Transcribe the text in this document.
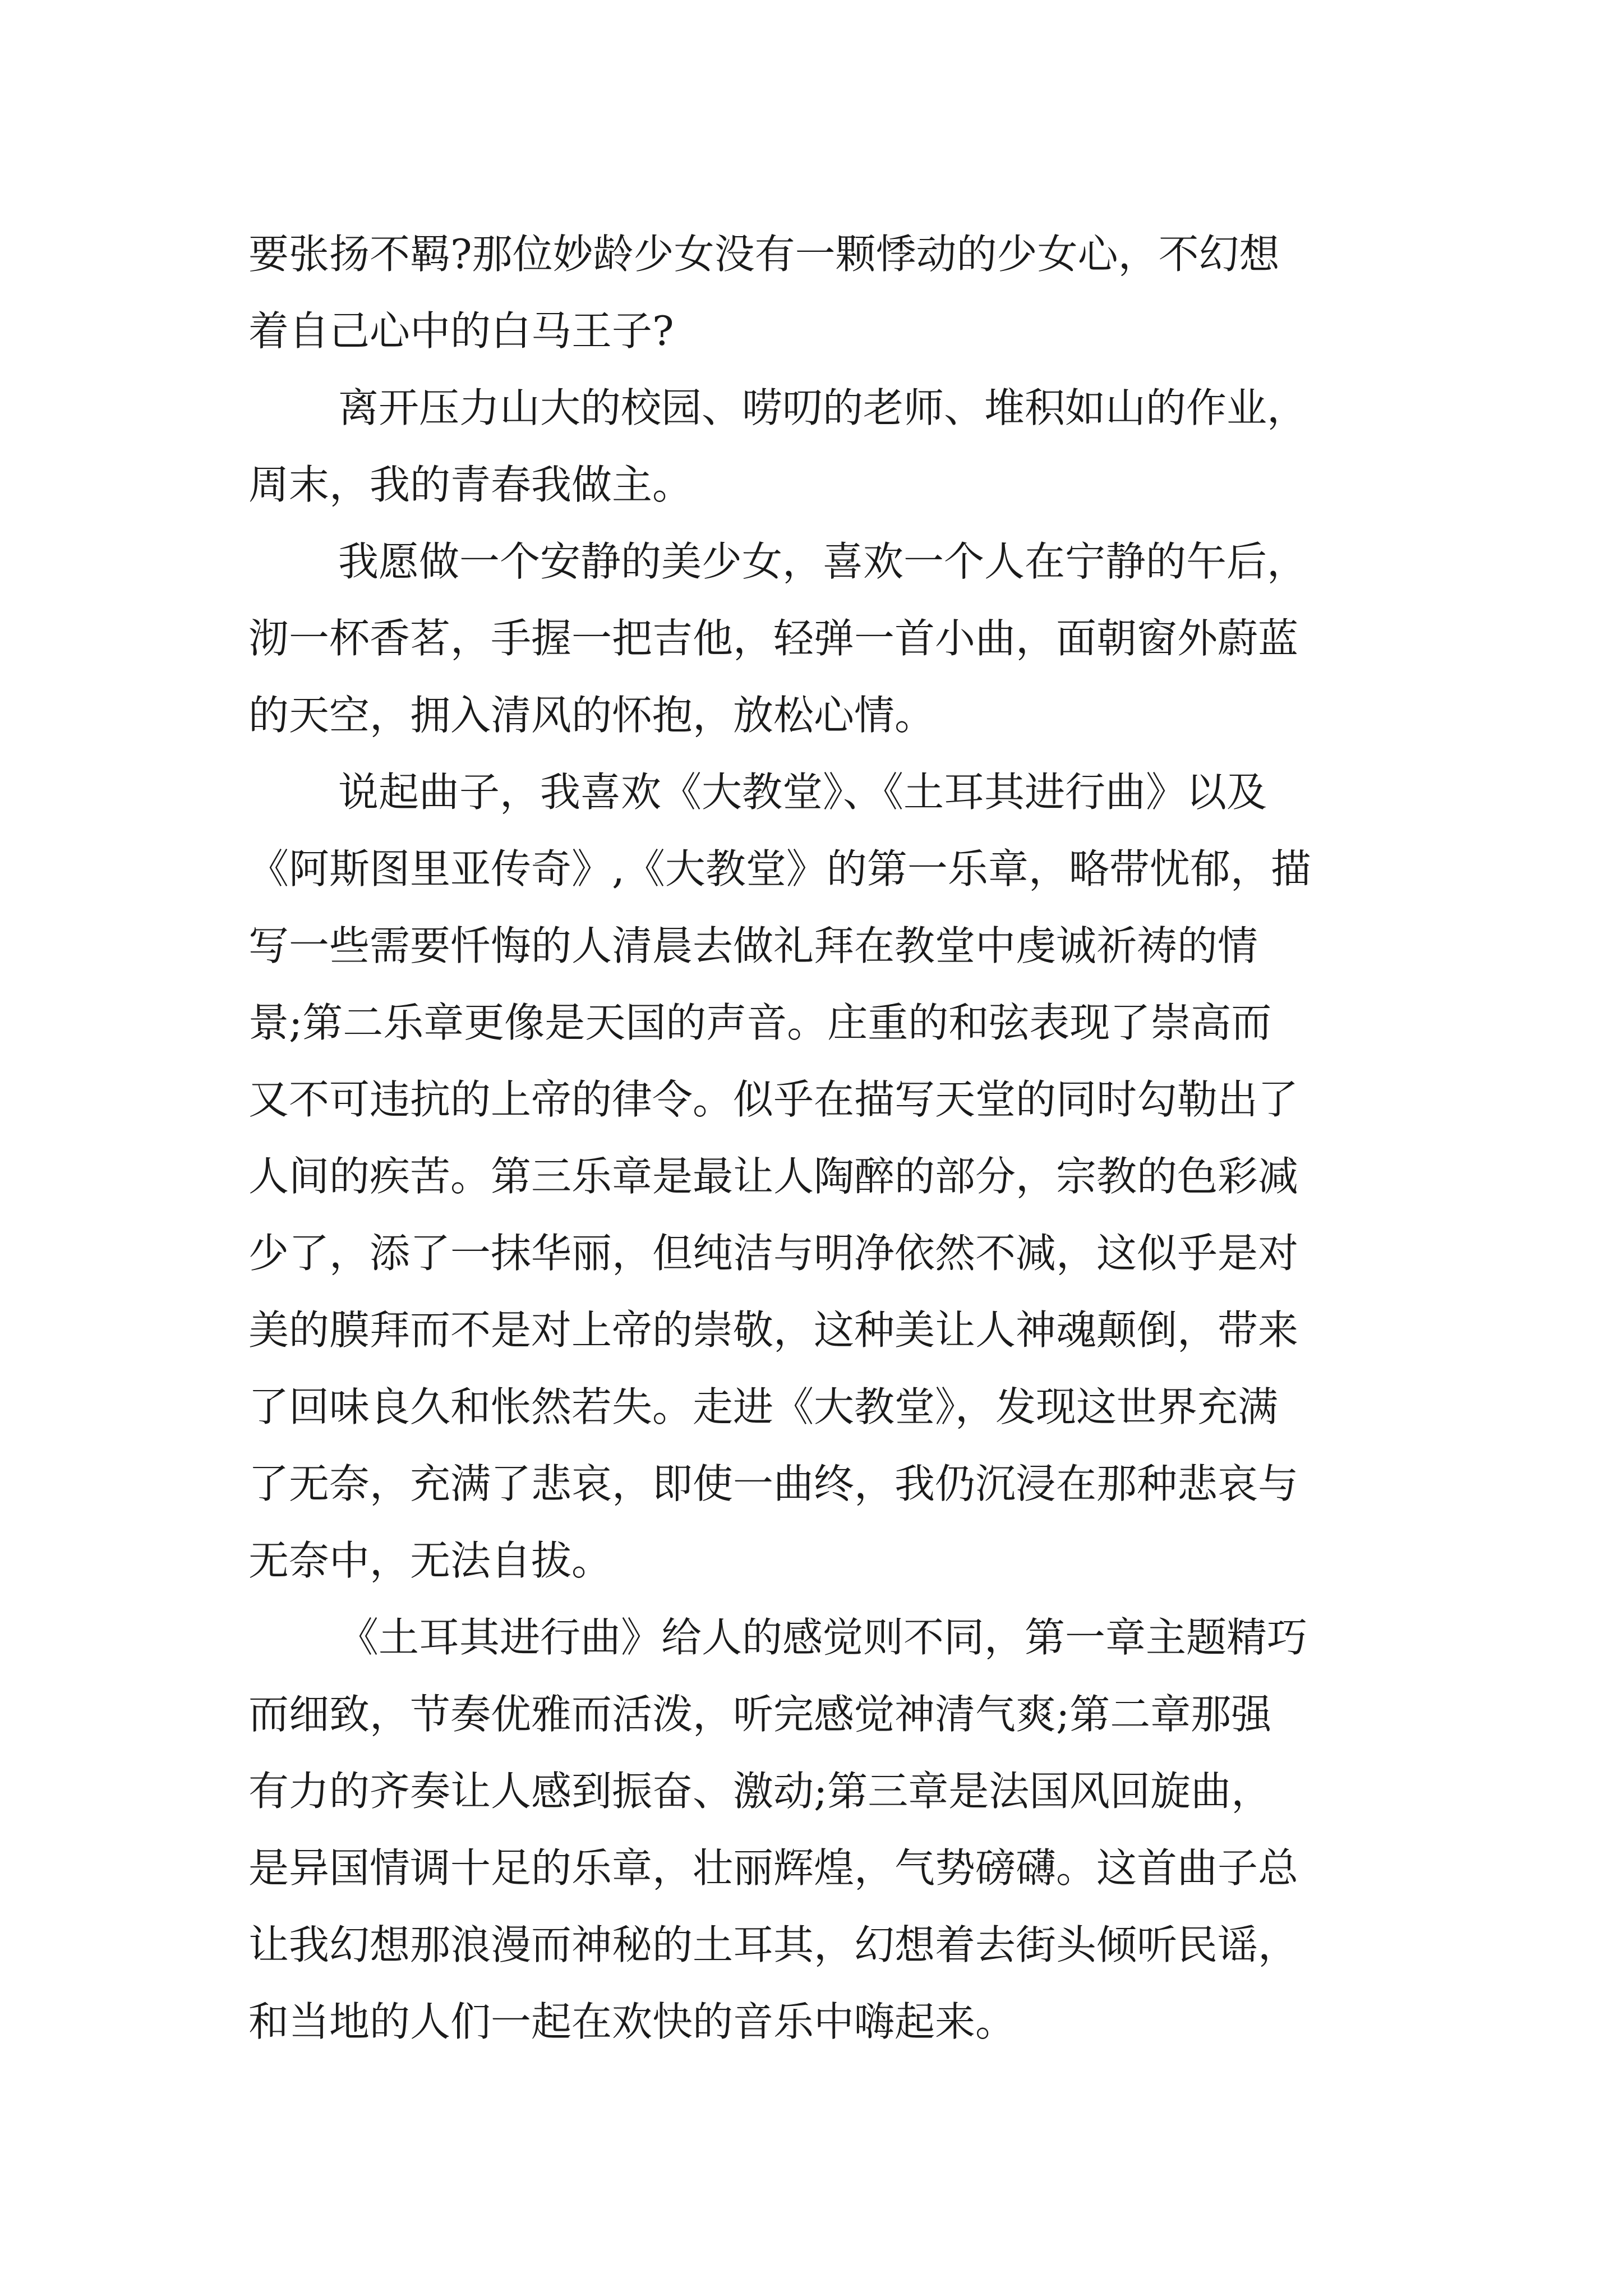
要张扬不羁?那位妙龄少女没有一颗悸动的少女心，不幻想
着自己心中的白马王子?
离开压力山大的校园、唠叨的老师、堆积如山的作业，
周末，我的青春我做主。
我愿做一个安静的美少女，喜欢一个人在宁静的午后，
沏一杯香茗，手握一把吉他，轻弹一首小曲，面朝窗外蔚蓝
的天空，拥入清风的怀抱，放松心情。
说起曲子，我喜欢《大教堂》、《土耳其进行曲》以及
《阿斯图里亚传奇》,《大教堂》的第一乐章，略带忧郁，描
写一些需要忏悔的人清晨去做礼拜在教堂中虔诚祈祷的情
景;第二乐章更像是天国的声音。庄重的和弦表现了崇高而
又不可违抗的上帝的律令。似乎在描写天堂的同时勾勒出了
人间的疾苦。第三乐章是最让人陶醉的部分，宗教的色彩减
少了，添了一抹华丽，但纯洁与明净依然不减，这似乎是对
美的膜拜而不是对上帝的崇敬，这种美让人神魂颠倒，带来
了回味良久和怅然若失。走进《大教堂》，发现这世界充满
了无奈，充满了悲哀，即使一曲终，我仍沉浸在那种悲哀与
无奈中，无法自拔。
《土耳其进行曲》给人的感觉则不同，第一章主题精巧
而细致，节奏优雅而活泼，听完感觉神清气爽;第二章那强
有力的齐奏让人感到振奋、激动;第三章是法国风回旋曲，
是异国情调十足的乐章，壮丽辉煌，气势磅礴。这首曲子总
让我幻想那浪漫而神秘的土耳其，幻想着去街头倾听民谣，
和当地的人们一起在欢快的音乐中嗨起来。
